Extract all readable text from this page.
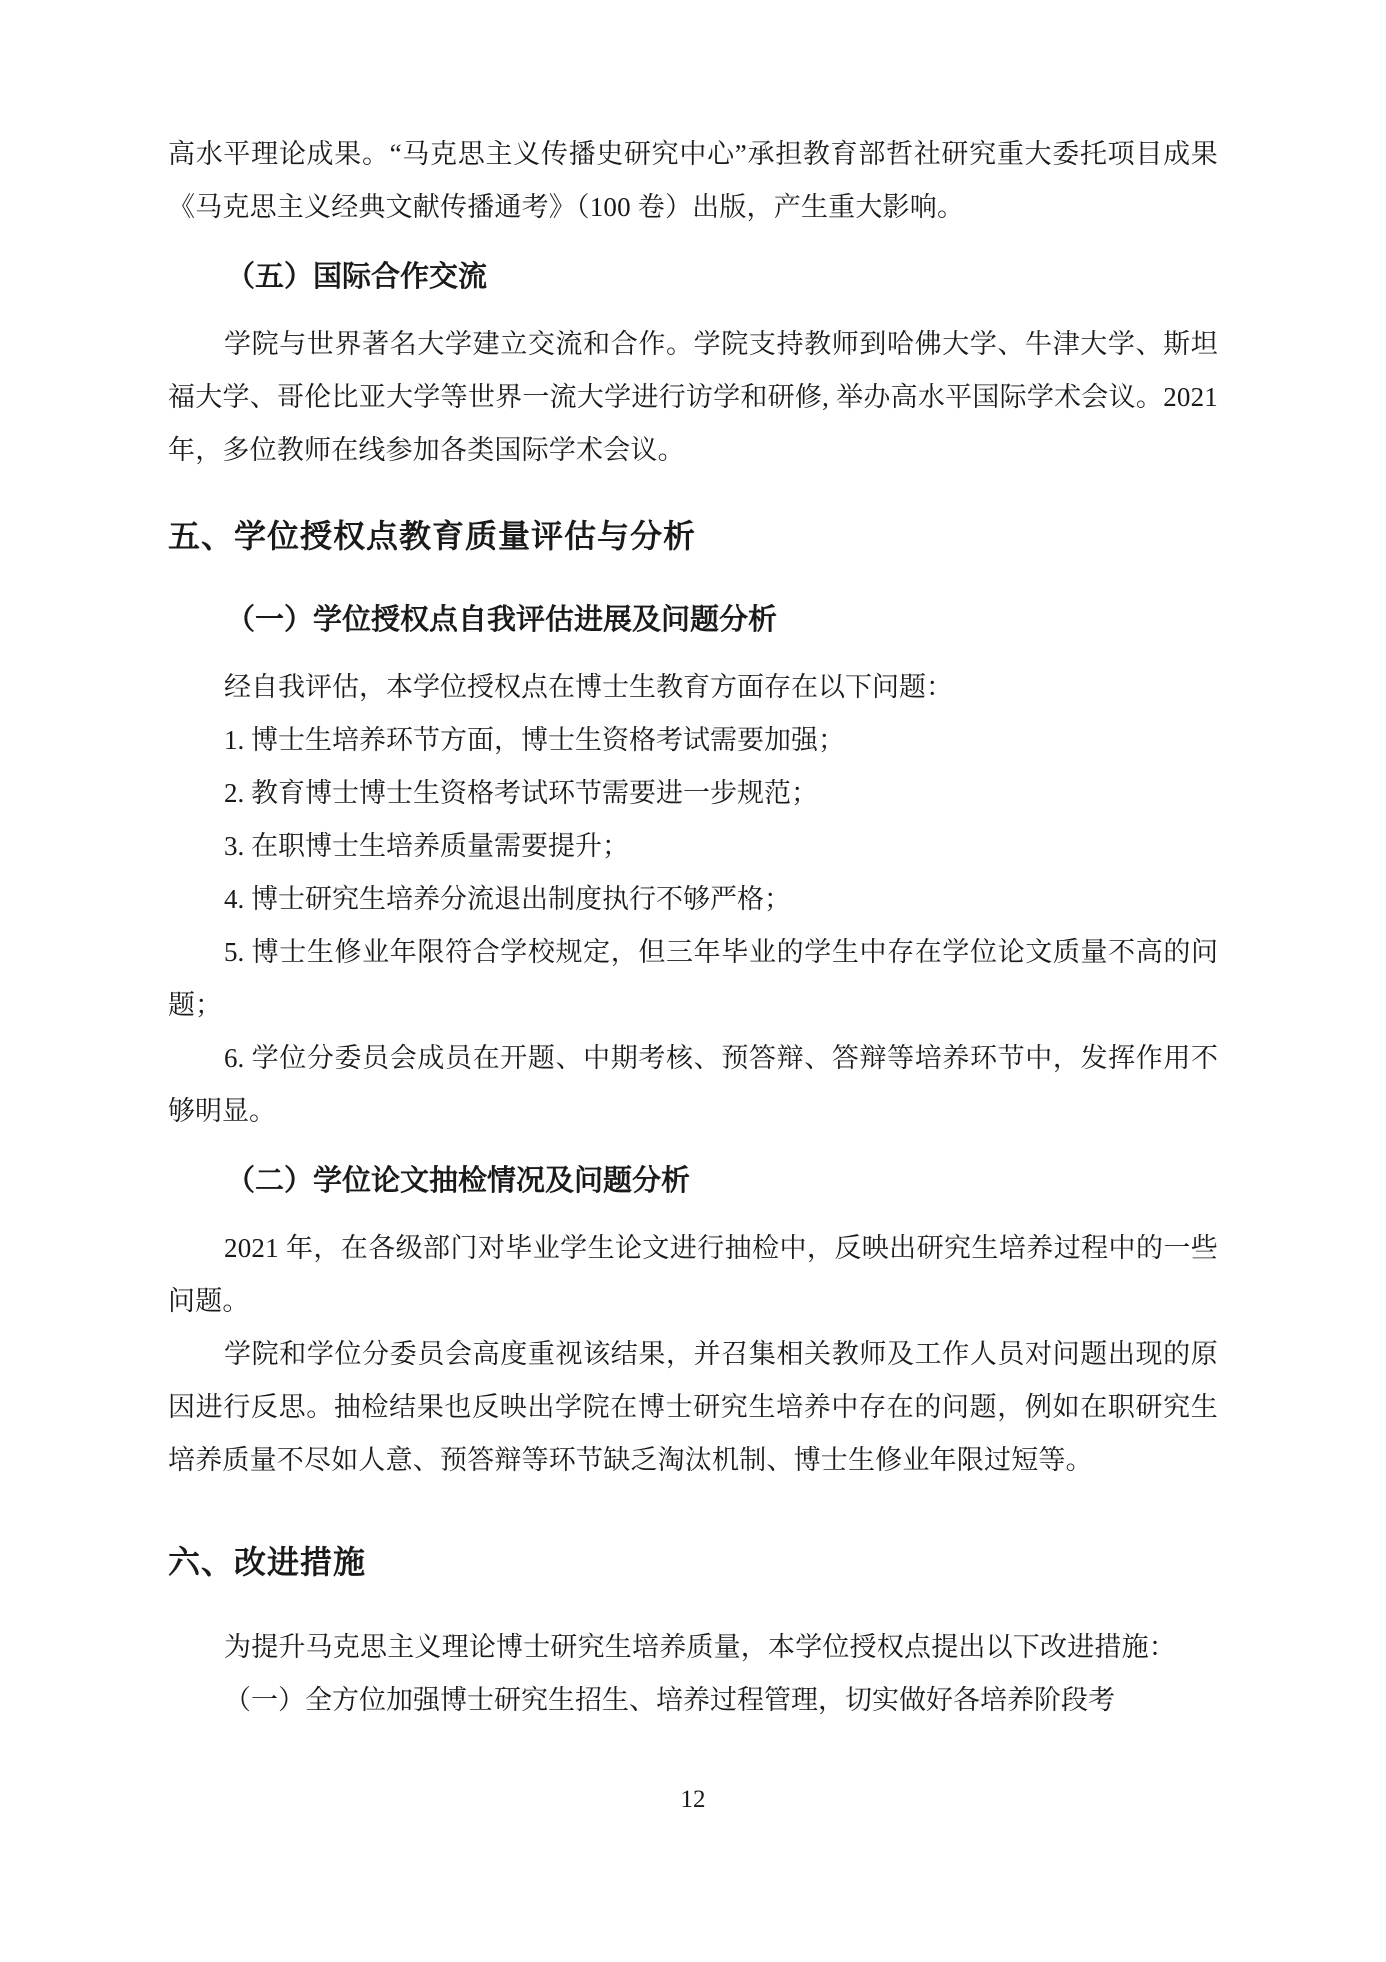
高水平理论成果。“马克思主义传播史研究中心”承担教育部哲社研究重大委托项目成果《马克思主义经典文献传播通考》（100 卷）出版，产生重大影响。

（五）国际合作交流

学院与世界著名大学建立交流和合作。学院支持教师到哈佛大学、牛津大学、斯坦福大学、哥伦比亚大学等世界一流大学进行访学和研修, 举办高水平国际学术会议。2021 年，多位教师在线参加各类国际学术会议。

五、学位授权点教育质量评估与分析
（一）学位授权点自我评估进展及问题分析

经自我评估，本学位授权点在博士生教育方面存在以下问题：

1. 博士生培养环节方面，博士生资格考试需要加强；

2. 教育博士博士生资格考试环节需要进一步规范；

3. 在职博士生培养质量需要提升；

4. 博士研究生培养分流退出制度执行不够严格；

5. 博士生修业年限符合学校规定，但三年毕业的学生中存在学位论文质量不高的问题；

6. 学位分委员会成员在开题、中期考核、预答辩、答辩等培养环节中，发挥作用不够明显。

（二）学位论文抽检情况及问题分析

2021 年，在各级部门对毕业学生论文进行抽检中，反映出研究生培养过程中的一些问题。

学院和学位分委员会高度重视该结果，并召集相关教师及工作人员对问题出现的原因进行反思。抽检结果也反映出学院在博士研究生培养中存在的问题，例如在职研究生培养质量不尽如人意、预答辩等环节缺乏淘汰机制、博士生修业年限过短等。

六、改进措施

为提升马克思主义理论博士研究生培养质量，本学位授权点提出以下改进措施：

（一）全方位加强博士研究生招生、培养过程管理，切实做好各培养阶段考

12
